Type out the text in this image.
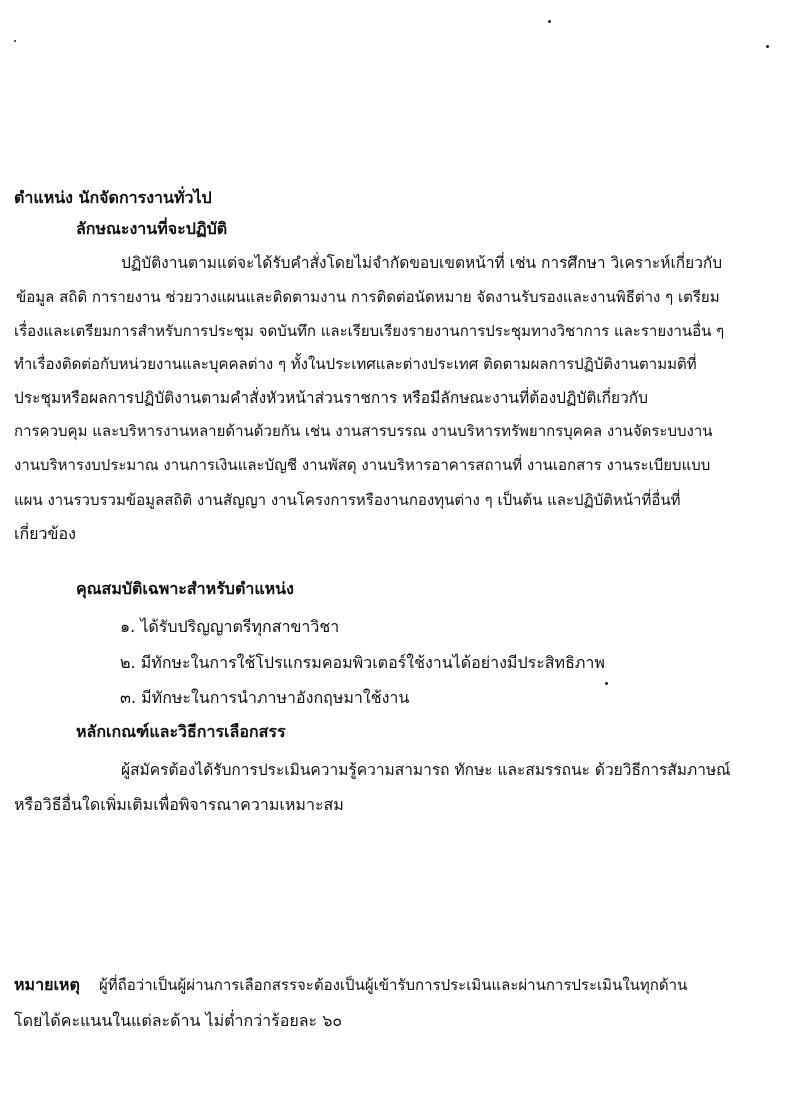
ตำแหน่ง นักจัดการงานทั่วไป
ลักษณะงานที่จะปฏิบัติ
ปฏิบัติงานตามแต่จะได้รับคำสั่งโดยไม่จำกัดขอบเขตหน้าที่ เช่น การศึกษา วิเคราะห์เกี่ยวกับ
ข้อมูล สถิติ การายงาน ช่วยวางแผนและติดตามงาน การติดต่อนัดหมาย จัดงานรับรองและงานพิธีต่าง ๆ เตรียม
เรื่องและเตรียมการสำหรับการประชุม จดบันทึก และเรียบเรียงรายงานการประชุมทางวิชาการ และรายงานอื่น ๆ
ทำเรื่องติดต่อกับหน่วยงานและบุคคลต่าง ๆ ทั้งในประเทศและต่างประเทศ ติดตามผลการปฏิบัติงานตามมติที่
ประชุมหรือผลการปฏิบัติงานตามคำสั่งหัวหน้าส่วนราชการ หรือมีลักษณะงานที่ต้องปฏิบัติเกี่ยวกับ
การควบคุม และบริหารงานหลายด้านด้วยกัน เช่น งานสารบรรณ งานบริหารทรัพยากรบุคคล งานจัดระบบงาน
งานบริหารงบประมาณ งานการเงินและบัญชี งานพัสดุ งานบริหารอาคารสถานที่ งานเอกสาร งานระเบียบแบบ
แผน งานรวบรวมข้อมูลสถิติ งานสัญญา งานโครงการหรืองานกองทุนต่าง ๆ เป็นต้น และปฏิบัติหน้าที่อื่นที่
เกี่ยวข้อง
คุณสมบัติเฉพาะสำหรับตำแหน่ง
๑. ได้รับปริญญาตรีทุกสาขาวิชา
๒. มีทักษะในการใช้โปรแกรมคอมพิวเตอร์ใช้งานได้อย่างมีประสิทธิภาพ
๓. มีทักษะในการนำภาษาอังกฤษมาใช้งาน
หลักเกณฑ์และวิธีการเลือกสรร
ผู้สมัครต้องได้รับการประเมินความรู้ความสามารถ ทักษะ และสมรรถนะ ด้วยวิธีการสัมภาษณ์
หรือวิธีอื่นใดเพิ่มเติมเพื่อพิจารณาความเหมาะสม
หมายเหตุ ผู้ที่ถือว่าเป็นผู้ผ่านการเลือกสรรจะต้องเป็นผู้เข้ารับการประเมินและผ่านการประเมินในทุกด้าน
โดยได้คะแนนในแต่ละด้าน ไม่ต่ำกว่าร้อยละ ๖๐
